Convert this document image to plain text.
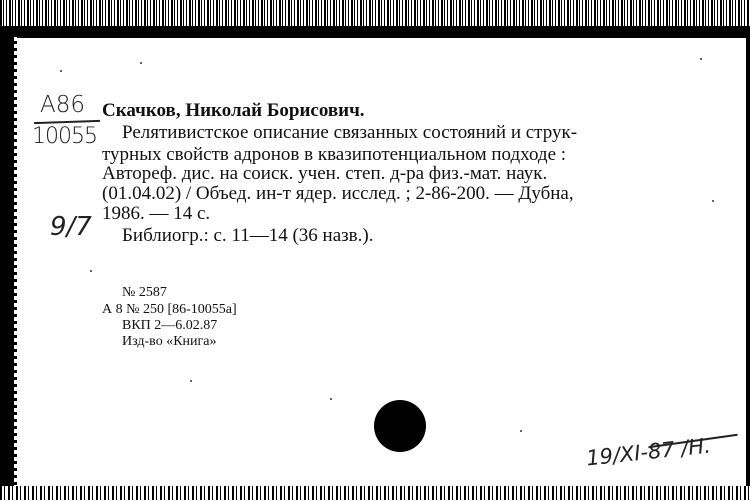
A86
10055
9/7
Скачков, Николай Борисович.
Релятивистское описание связанных состояний и струк-
турных свойств адронов в квазипотенциальном подходе :
Автореф. дис. на соиск. учен. степ. д-ра физ.-мат. наук.
(01.04.02) / Объед. ин-т ядер. исслед. ; 2-86-200. — Дубна,
1986. — 14 с.
Библиогр.: с. 11—14 (36 назв.).
№ 2587
А 8 № 250 [86-10055а]
ВКП 2—6.02.87
Изд-во «Книга»
19/XI-87 /Н.
